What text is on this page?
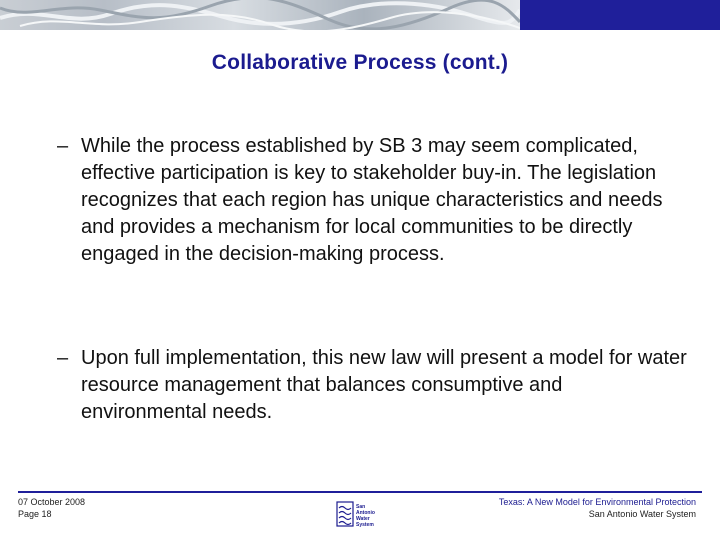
Collaborative Process (cont.)
– While the process established by SB 3 may seem complicated, effective participation is key to stakeholder buy-in. The legislation recognizes that each region has unique characteristics and needs and provides a mechanism for local communities to be directly engaged in the decision-making process.
– Upon full implementation, this new law will present a model for water resource management that balances consumptive and environmental needs.
07 October 2008
Page 18
San
Antonio
Water
System
Texas: A New Model for Environmental Protection
San Antonio Water System
